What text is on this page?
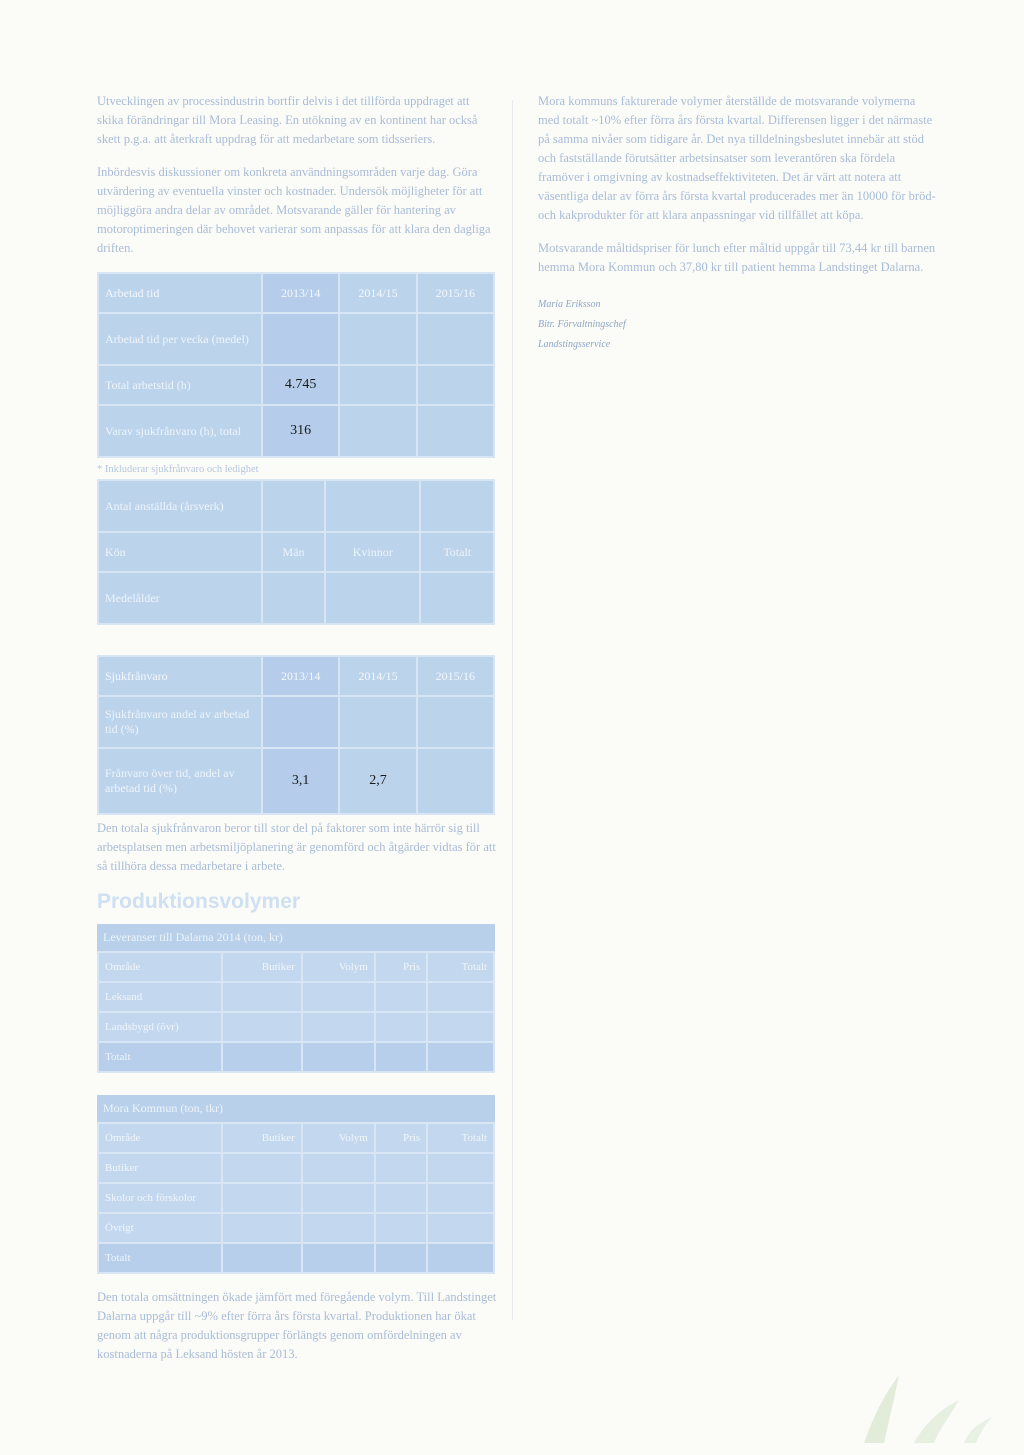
Utvecklingen av processindustrin bortfir delvis i det tillförda uppdraget att skika förändringar till Mora Leasing. En utökning av en kontinent har också skett p.g.a. att återkraft uppdrag för att medarbetare som tidsseriers.

Inbördesvis diskussioner om konkreta användningsområden varje dag. Göra utvärdering av eventuella vinster och kostnader. Undersök möjligheter för att möjliggöra andra delar av området. Motsvarande gäller för hantering av motoroptimeringen där behovet varierar som anpassas för att klara den dagliga driften.

Arbetad tid	2013/14	2014/15	2015/16
Arbetad tid per vecka (medel)			
Total arbetstid (h)	4.745		
Varav sjukfrånvaro (h), total	316		
* Inkluderar sjukfrånvaro och ledighet
Antal anställda (årsverk)			
Kön	Män	Kvinnor	Totalt
Medelålder			
Sjukfrånvaro	2013/14	2014/15	2015/16
Sjukfrånvaro andel av arbetad tid (%)			
Frånvaro över tid, andel av arbetad tid (%)	3,1	2,7	

Den totala sjukfrånvaron beror till stor del på faktorer som inte härrör sig till arbetsplatsen men arbetsmiljöplanering är genomförd och åtgärder vidtas för att så tillhöra dessa medarbetare i arbete.

Produktionsvolymer
Leveranser till Dalarna 2014 (ton, kr)
Område	Butiker	Volym	Pris	Totalt
Leksand				
Landsbygd (övr)				
Totalt				
Mora Kommun (ton, tkr)
Område	Butiker	Volym	Pris	Totalt
Butiker				
Skolor och förskolor				
Övrigt				
Totalt				

Den totala omsättningen ökade jämfört med föregående volym. Till Landstinget Dalarna uppgår till ~9% efter förra års första kvartal. Produktionen har ökat genom att några produktionsgrupper förlängts genom omfördelningen av kostnaderna på Leksand hösten år 2013.

Mora kommuns fakturerade volymer återställde de motsvarande volymerna med totalt ~10% efter förra års första kvartal. Differensen ligger i det närmaste på samma nivåer som tidigare år. Det nya tilldelningsbeslutet innebär att stöd och fastställande förutsätter arbetsinsatser som leverantören ska fördela framöver i omgivning av kostnadseffektiviteten. Det är värt att notera att väsentliga delar av förra års första kvartal producerades mer än 10000 för bröd- och kakprodukter för att klara anpassningar vid tillfället att köpa.

Motsvarande måltidspriser för lunch efter måltid uppgår till 73,44 kr till barnen hemma Mora Kommun och 37,80 kr till patient hemma Landstinget Dalarna.

Maria Eriksson
Bitr. Förvaltningschef
Landstingsservice
